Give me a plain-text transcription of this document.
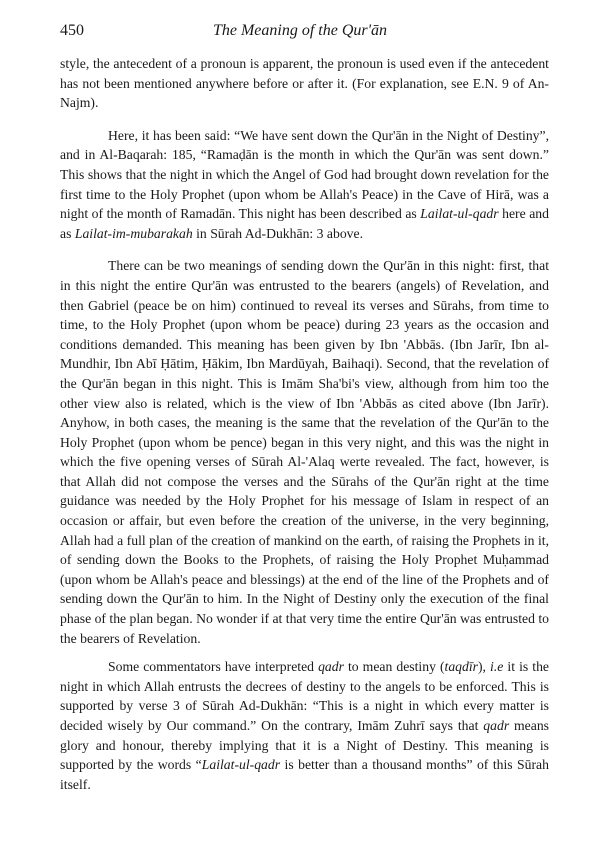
450	The Meaning of the Qur'ān

style, the antecedent of a pronoun is apparent, the pronoun is used even if the antecedent has not been mentioned anywhere before or after it. (For explanation, see E.N. 9 of An-Najm).

Here, it has been said: “We have sent down the Qur'ān in the Night of Destiny”, and in Al-Baqarah: 185, “Ramaḍān is the month in which the Qur'ān was sent down.” This shows that the night in which the Angel of God had brought down revelation for the first time to the Holy Prophet (upon whom be Allah's Peace) in the Cave of Hirā, was a night of the month of Ramadān. This night has been described as Lailat-ul-qadr here and as Lailat-im-mubarakah in Sūrah Ad-Dukhān: 3 above.

There can be two meanings of sending down the Qur'ān in this night: first, that in this night the entire Qur'ān was entrusted to the bearers (angels) of Revelation, and then Gabriel (peace be on him) continued to reveal its verses and Sūrahs, from time to time, to the Holy Prophet (upon whom be peace) during 23 years as the occasion and conditions demanded. This meaning has been given by Ibn 'Abbās. (Ibn Jarīr, Ibn al-Mundhir, Ibn Abī Ḥātim, Ḥākim, Ibn Mardūyah, Baihaqi). Second, that the revelation of the Qur'ān began in this night. This is Imām Sha'bi's view, although from him too the other view also is related, which is the view of Ibn 'Abbās as cited above (Ibn Jarīr). Anyhow, in both cases, the meaning is the same that the revelation of the Qur'ān to the Holy Prophet (upon whom be pence) began in this very night, and this was the night in which the five opening verses of Sūrah Al-'Alaq werte revealed. The fact, however, is that Allah did not compose the verses and the Sūrahs of the Qur'ān right at the time guidance was needed by the Holy Prophet for his message of Islam in respect of an occasion or affair, but even before the creation of the universe, in the very beginning, Allah had a full plan of the creation of mankind on the earth, of raising the Prophets in it, of sending down the Books to the Prophets, of raising the Holy Prophet Muḥammad (upon whom be Allah's peace and blessings) at the end of the line of the Prophets and of sending down the Qur'ān to him. In the Night of Destiny only the execution of the final phase of the plan began. No wonder if at that very time the entire Qur'ān was entrusted to the bearers of Revelation.

Some commentators have interpreted qadr to mean destiny (taqdīr), i.e it is the night in which Allah entrusts the decrees of destiny to the angels to be enforced. This is supported by verse 3 of Sūrah Ad-Dukhān: “This is a night in which every matter is decided wisely by Our command.” On the contrary, Imām Zuhrī says that qadr means glory and honour, thereby implying that it is a Night of Destiny. This meaning is supported by the words “Lailat-ul-qadr is better than a thousand months” of this Sūrah itself.
